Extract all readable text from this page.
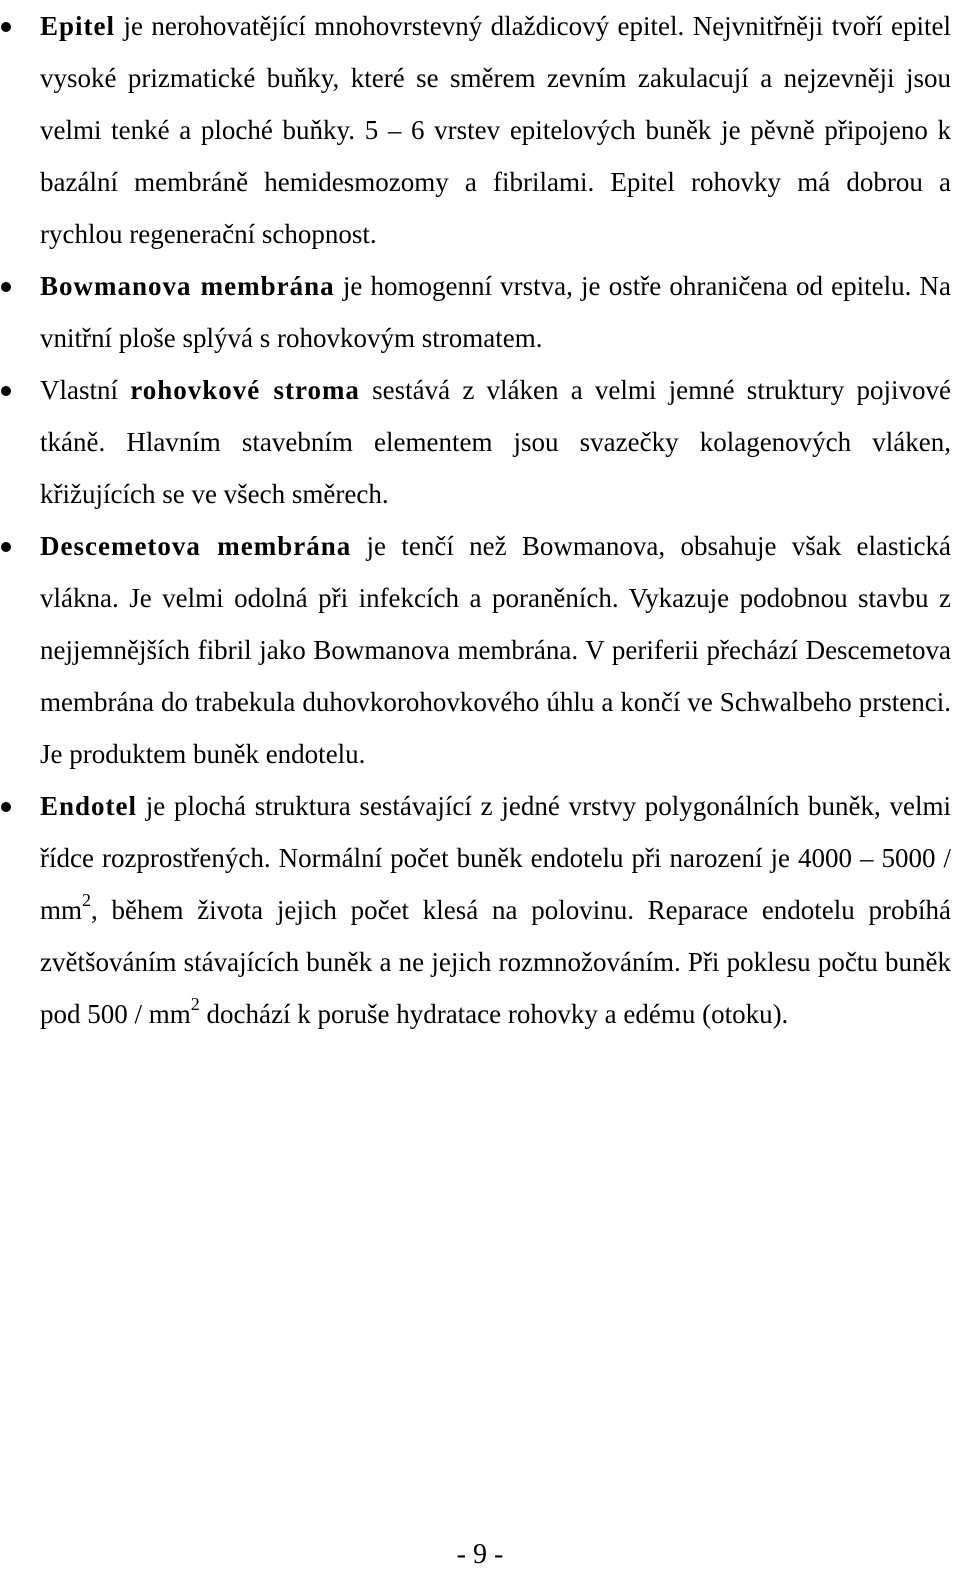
Epitel je nerohovatějící mnohovrstevný dlaždicový epitel. Nejvnitřněji tvoří epitel vysoké prizmatické buňky, které se směrem zevním zakulacují a nejzevněji jsou velmi tenké a ploché buňky. 5 – 6 vrstev epitelových buněk je pěvně připojeno k bazální membráně hemidesmozomy a fibrilami. Epitel rohovky má dobrou a rychlou regenerační schopnost.
Bowmanova membrána je homogenní vrstva, je ostře ohraničena od epitelu. Na vnitřní ploše splývá s rohovkovým stromatem.
Vlastní rohovkové stroma sestává z vláken a velmi jemné struktury pojivové tkáně. Hlavním stavebním elementem jsou svazečky kolagenových vláken, křižujících se ve všech směrech.
Descemetova membrána je tenčí než Bowmanova, obsahuje však elastická vlákna. Je velmi odolná při infekcích a poraněních. Vykazuje podobnou stavbu z nejjemnějších fibril jako Bowmanova membrána. V periferii přechází Descemetova membrána do trabekula duhovkorohovkového úhlu a končí ve Schwalbeho prstenci. Je produktem buněk endotelu.
Endotel je plochá struktura sestávající z jedné vrstvy polygonálních buněk, velmi řídce rozprostřených. Normální počet buněk endotelu při narození je $4000 - 5000 / mm^2$, během života jejich počet klesá na polovinu. Reparace endotelu probíhá zvětšováním stávajících buněk a ne jejich rozmnožováním. Při poklesu počtu buněk pod $500 / mm^2$ dochází k poruše hydratace rohovky a edému (otoku).
- 9 -
